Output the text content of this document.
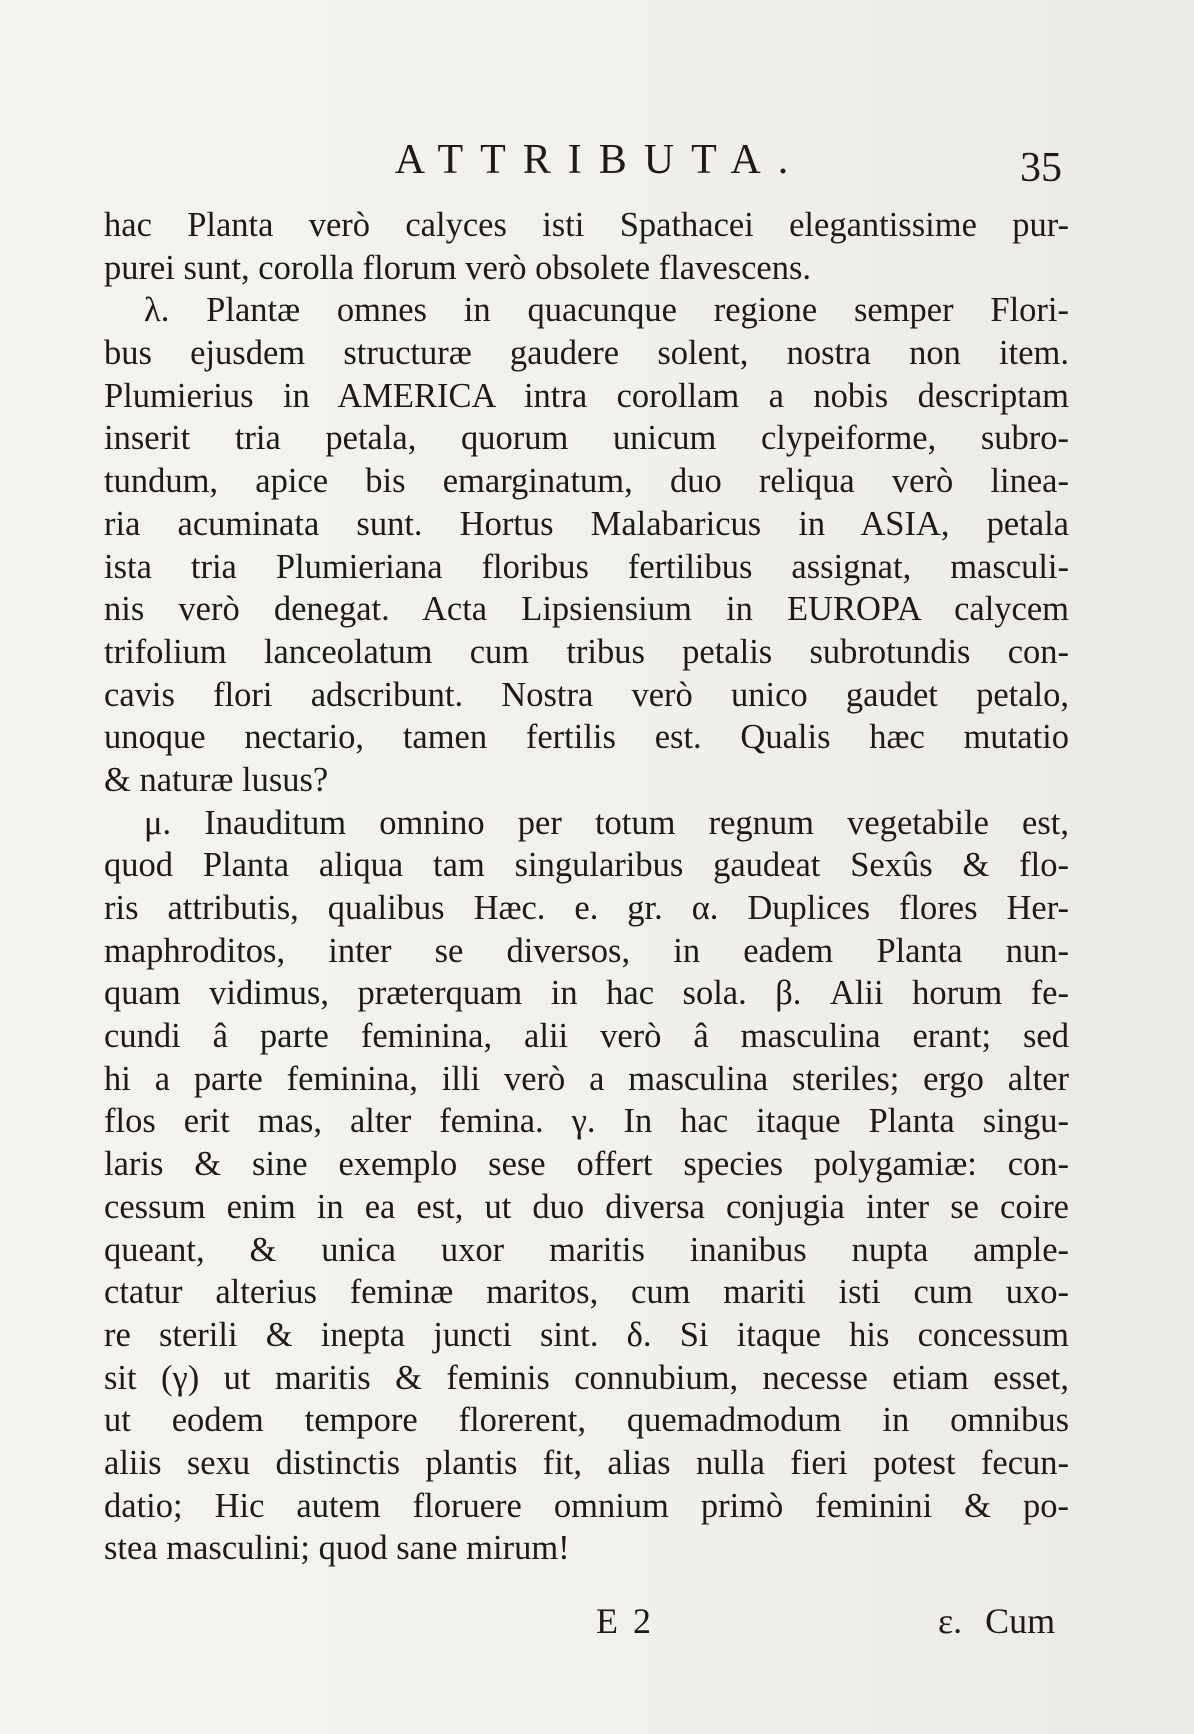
ATTRIBUTA.	35
hac Planta verò calyces isti Spathacei elegantissime pur-
purei sunt, corolla florum verò obsolete flavescens.
λ. Plantæ omnes in quacunque regione semper Flori-
bus ejusdem structuræ gaudere solent, nostra non item.
Plumierius in AMERICA intra corollam a nobis descriptam
inserit tria petala, quorum unicum clypeiforme, subro-
tundum, apice bis emarginatum, duo reliqua verò linea-
ria acuminata sunt. Hortus Malabaricus in ASIA, petala
ista tria Plumieriana floribus fertilibus assignat, masculi-
nis verò denegat. Acta Lipsiensium in EUROPA calycem
trifolium lanceolatum cum tribus petalis subrotundis con-
cavis flori adscribunt. Nostra verò unico gaudet petalo,
unoque nectario, tamen fertilis est. Qualis hæc mutatio
& naturæ lusus?
μ. Inauditum omnino per totum regnum vegetabile est,
quod Planta aliqua tam singularibus gaudeat Sexûs & flo-
ris attributis, qualibus Hæc. e. gr. α. Duplices flores Her-
maphroditos, inter se diversos, in eadem Planta nun-
quam vidimus, præterquam in hac sola. β. Alii horum fe-
cundi â parte feminina, alii verò â masculina erant; sed
hi a parte feminina, illi verò a masculina steriles; ergo alter
flos erit mas, alter femina. γ. In hac itaque Planta singu-
laris & sine exemplo sese offert species polygamiæ: con-
cessum enim in ea est, ut duo diversa conjugia inter se coire
queant, & unica uxor maritis inanibus nupta ample-
ctatur alterius feminæ maritos, cum mariti isti cum uxo-
re sterili & inepta juncti sint. δ. Si itaque his concessum
sit (γ) ut maritis & feminis connubium, necesse etiam esset,
ut eodem tempore florerent, quemadmodum in omnibus
aliis sexu distinctis plantis fit, alias nulla fieri potest fecun-
datio; Hic autem floruere omnium primò feminini & po-
stea masculini; quod sane mirum!
E 2	ε. Cum
